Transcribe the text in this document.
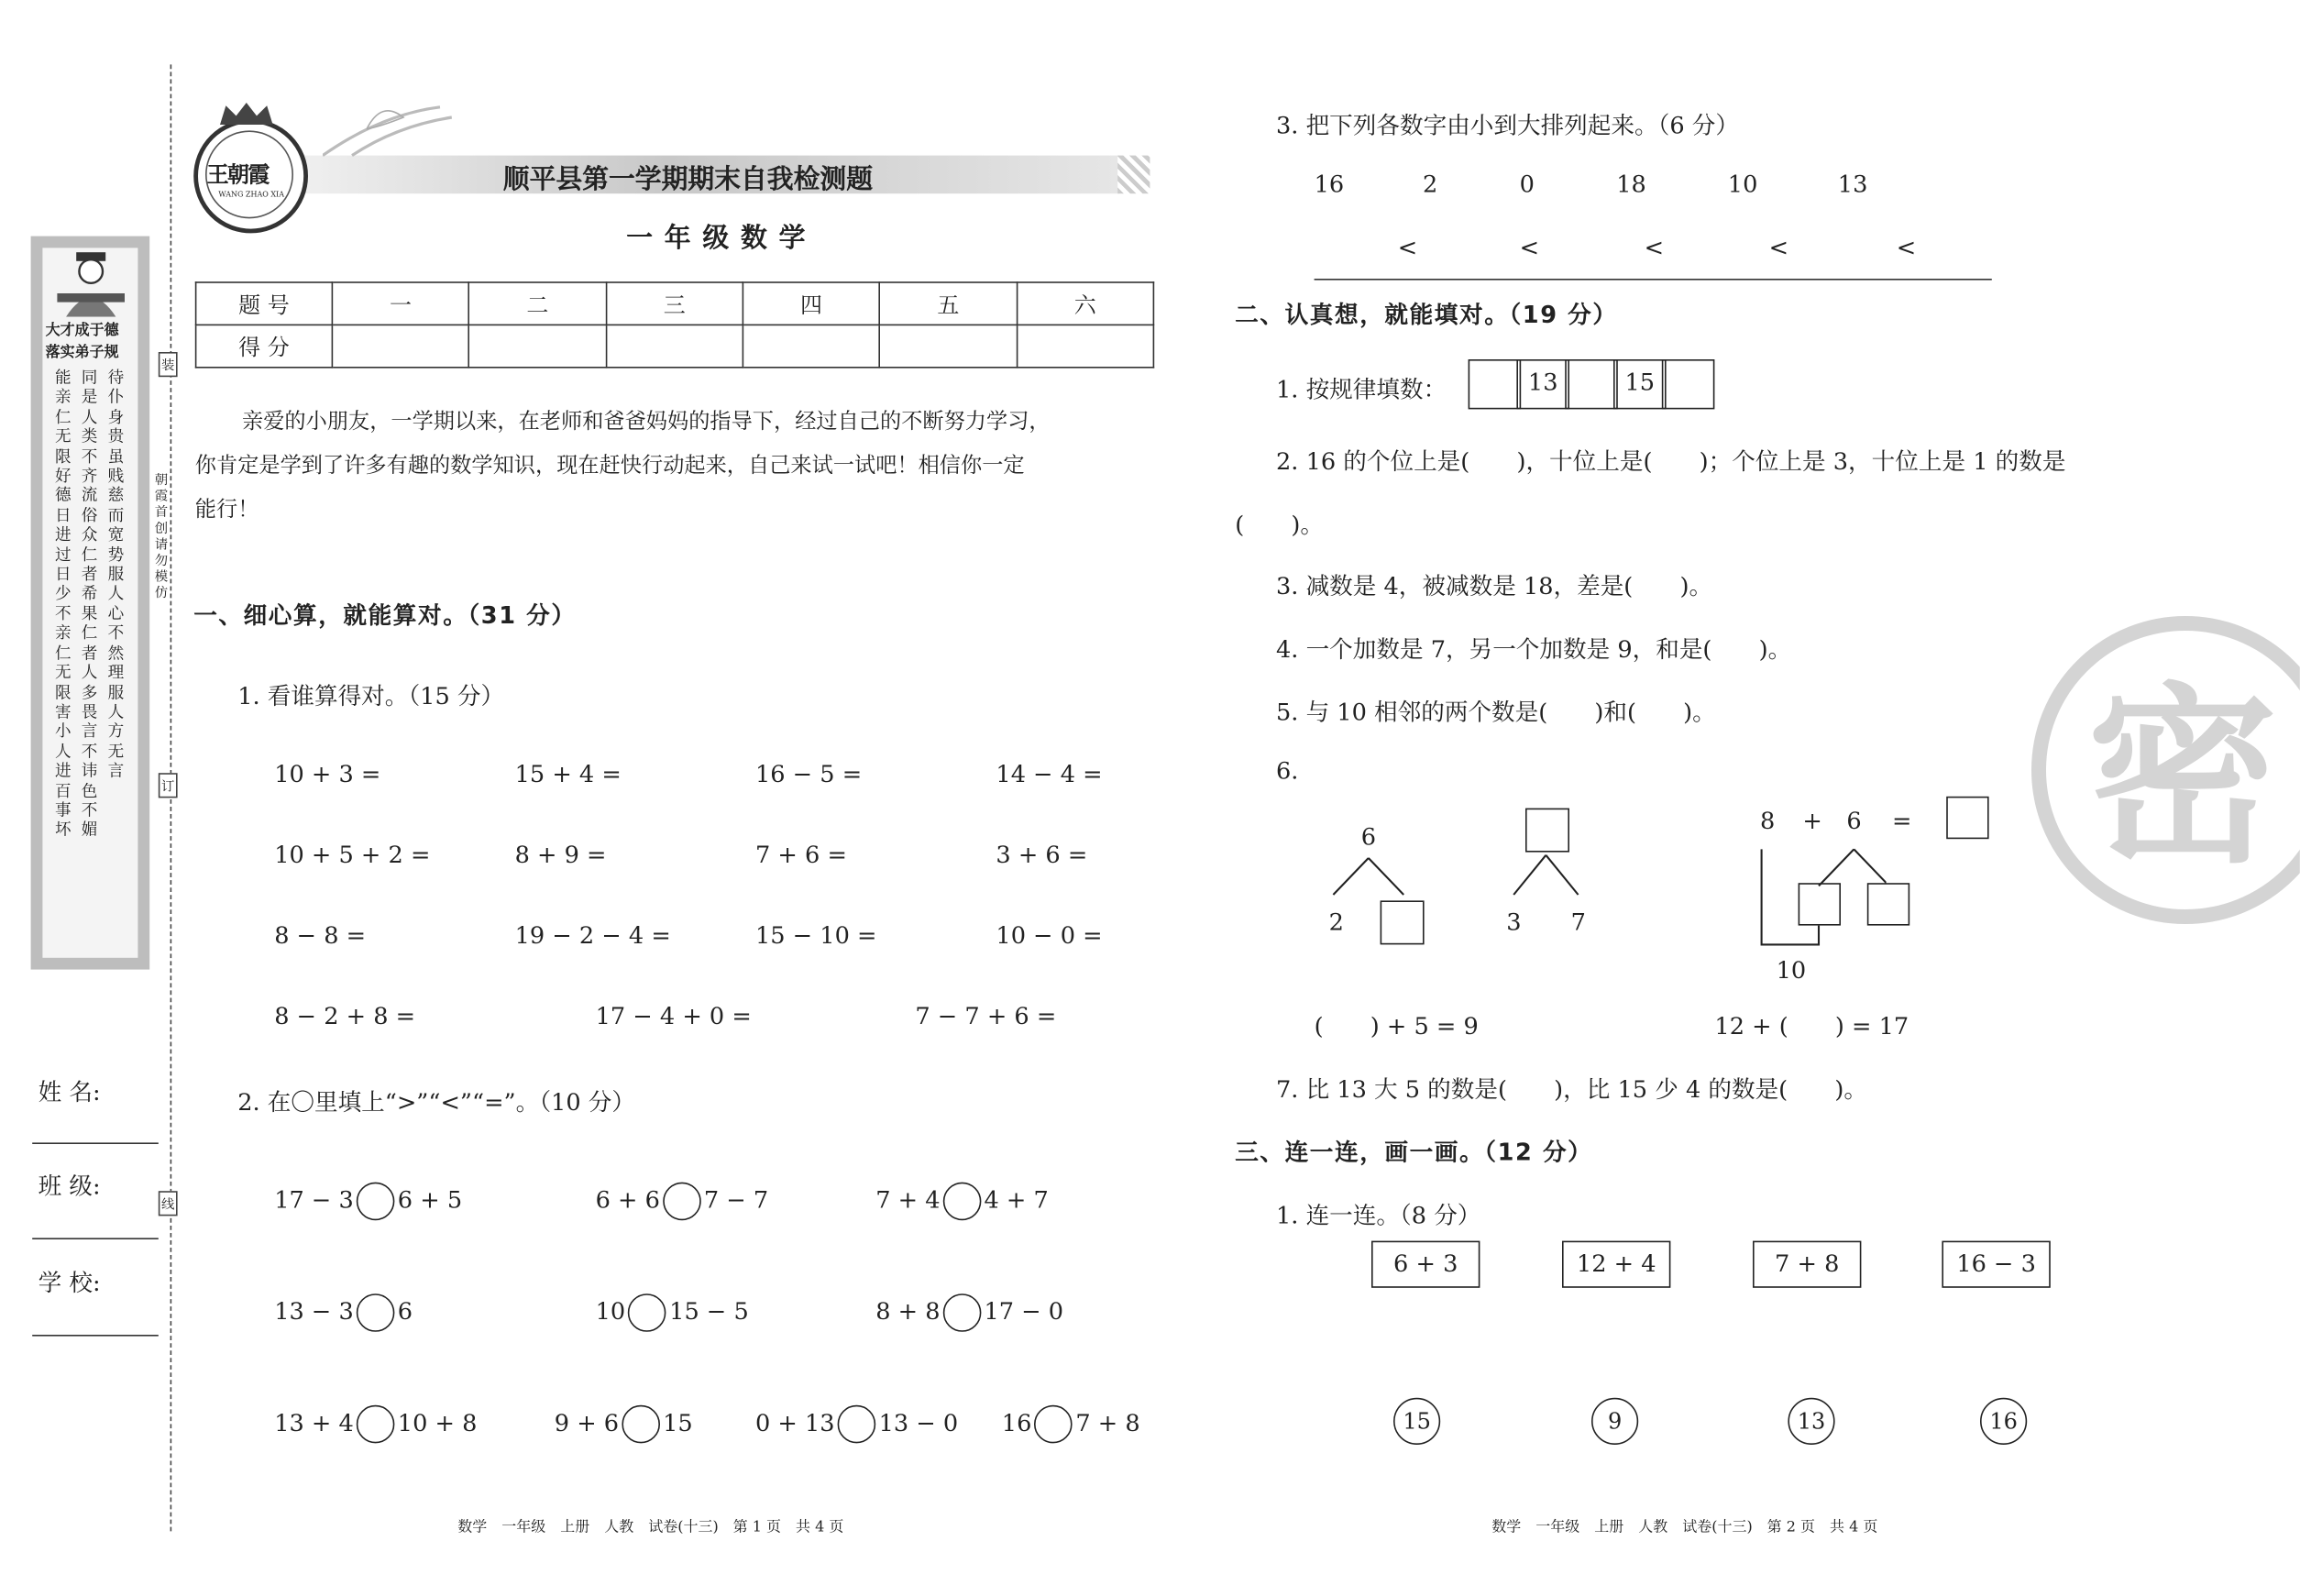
大才成于德
落实弟子规
待仆身贵虽贱慈而宽势服人心不然理服人方无言
同是人类不齐流俗众仁者希果仁者人多畏言不讳色不媚
能亲仁无限好德日进过日少不亲仁无限害小人进百事坏
姓 名:
班 级:
学 校:
装
朝霞首创 请勿模仿
订
线
王朝霞
WANG ZHAO XIA	顺平县第一学期期末自我检测题
一年级数学
题 号	一	二	三	四	五	六
得 分						
亲爱的小朋友，一学期以来，在老师和爸爸妈妈的指导下，经过自己的不断努力学习，
你肯定是学到了许多有趣的数学知识，现在赶快行动起来，自己来试一试吧！相信你一定
能行！
一、细心算，就能算对。（31 分）
1. 看谁算得对。（15 分）
10 + 3 =	15 + 4 =	16 − 5 =	14 − 4 =
10 + 5 + 2 =	8 + 9 =	7 + 6 =	3 + 6 =
8 − 8 =	19 − 2 − 4 =	15 − 10 =	10 − 0 =
8 − 2 + 8 =	17 − 4 + 0 =	7 − 7 + 6 =
2. 在〇里填上“>”“<”“=”。（10 分）
17 − 3	6 + 5	6 + 6	7 − 7	7 + 4	4 + 7
13 − 3	6	10	15 − 5	8 + 8	17 − 0
13 + 4	10 + 8	9 + 6	15	0 + 13	13 − 0	16	7 + 8
数学　一年级　上册　人教　试卷(十三)　第 1 页　共 4 页
3. 把下列各数字由小到大排列起来。（6 分）
16	2	0	18	10	13
<	<	<	<	<
二、认真想，就能填对。（19 分）
1. 按规律填数：	13	15
2. 16 的个位上是(　　)，十位上是(　　)；个位上是 3，十位上是 1 的数是
(　　)。
3. 减数是 4，被减数是 18，差是(　　)。
4. 一个加数是 7，另一个加数是 9，和是(　　)。
5. 与 10 相邻的两个数是(　　)和(　　)。
6.
6
2	3	7
8 + 6 =
10
(　　) + 5 = 9	12 + (　　) = 17
7. 比 13 大 5 的数是(　　)，比 15 少 4 的数是(　　)。
三、连一连，画一画。（12 分）
1. 连一连。（8 分）
6 + 3	12 + 4	7 + 8	16 − 3
15	9	13	16
密
数学　一年级　上册　人教　试卷(十三)　第 2 页　共 4 页
